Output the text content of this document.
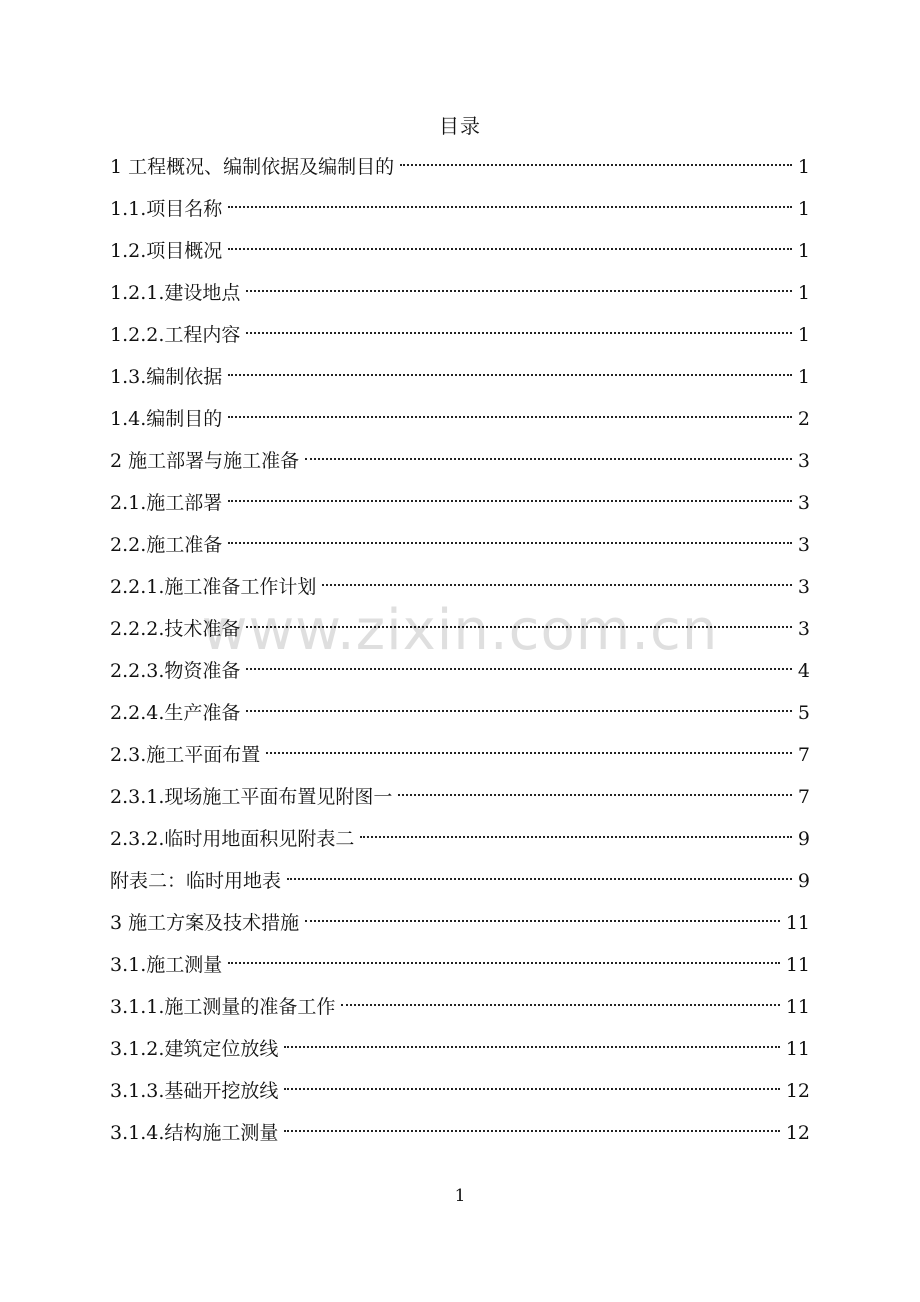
目录
1 工程概况、编制依据及编制目的	1
1.1.项目名称	1
1.2.项目概况	1
1.2.1.建设地点	1
1.2.2.工程内容	1
1.3.编制依据	1
1.4.编制目的	2
2 施工部署与施工准备	3
2.1.施工部署	3
2.2.施工准备	3
2.2.1.施工准备工作计划	3
2.2.2.技术准备	3
2.2.3.物资准备	4
2.2.4.生产准备	5
2.3.施工平面布置	7
2.3.1.现场施工平面布置见附图一	7
2.3.2.临时用地面积见附表二	9
附表二：临时用地表	9
3 施工方案及技术措施	11
3.1.施工测量	11
3.1.1.施工测量的准备工作	11
3.1.2.建筑定位放线	11
3.1.3.基础开挖放线	12
3.1.4.结构施工测量	12
www.zixin.com.cn
1
